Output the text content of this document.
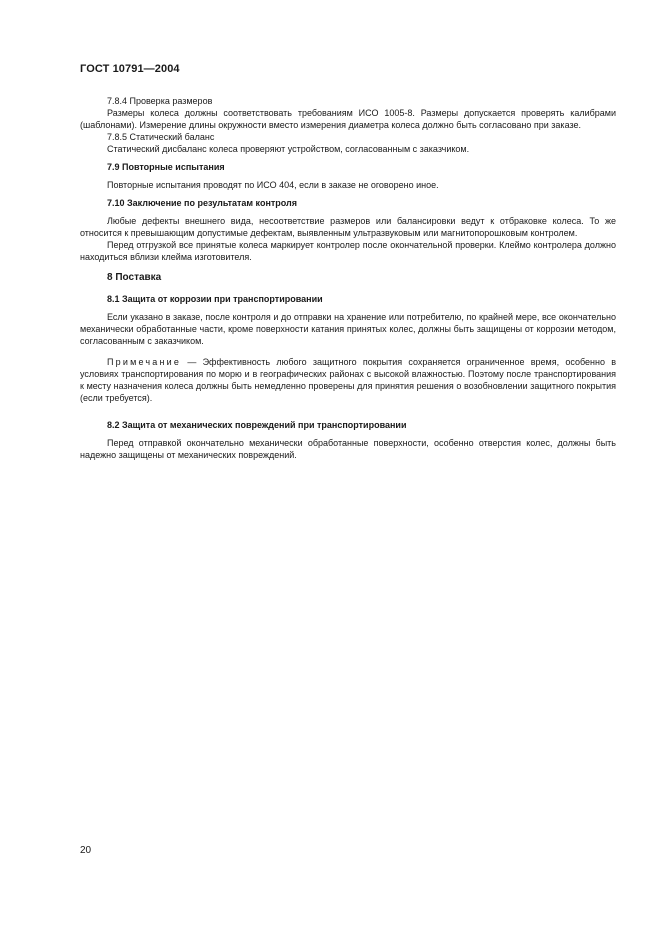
ГОСТ 10791—2004

7.8.4 Проверка размеров

Размеры колеса должны соответствовать требованиям ИСО 1005-8. Размеры допускается проверять калибрами (шаблонами). Измерение длины окружности вместо измерения диаметра колеса должно быть согласовано при заказе.

7.8.5 Статический баланс

Статический дисбаланс колеса проверяют устройством, согласованным с заказчиком.

7.9 Повторные испытания

Повторные испытания проводят по ИСО 404, если в заказе не оговорено иное.

7.10 Заключение по результатам контроля

Любые дефекты внешнего вида, несоответствие размеров или балансировки ведут к отбраковке колеса. То же относится к превышающим допустимые дефектам, выявленным ультразвуковым или магнитопорошковым контролем.

Перед отгрузкой все принятые колеса маркирует контролер после окончательной проверки. Клеймо контролера должно находиться вблизи клейма изготовителя.

8 Поставка

8.1 Защита от коррозии при транспортировании

Если указано в заказе, после контроля и до отправки на хранение или потребителю, по крайней мере, все окончательно механически обработанные части, кроме поверхности катания принятых колес, должны быть защищены от коррозии методом, согласованным с заказчиком.

Примечание — Эффективность любого защитного покрытия сохраняется ограниченное время, особенно в условиях транспортирования по морю и в географических районах с высокой влажностью. Поэтому после транспортирования к месту назначения колеса должны быть немедленно проверены для принятия решения о возобновлении защитного покрытия (если требуется).

8.2 Защита от механических повреждений при транспортировании

Перед отправкой окончательно механически обработанные поверхности, особенно отверстия колес, должны быть надежно защищены от механических повреждений.

20
